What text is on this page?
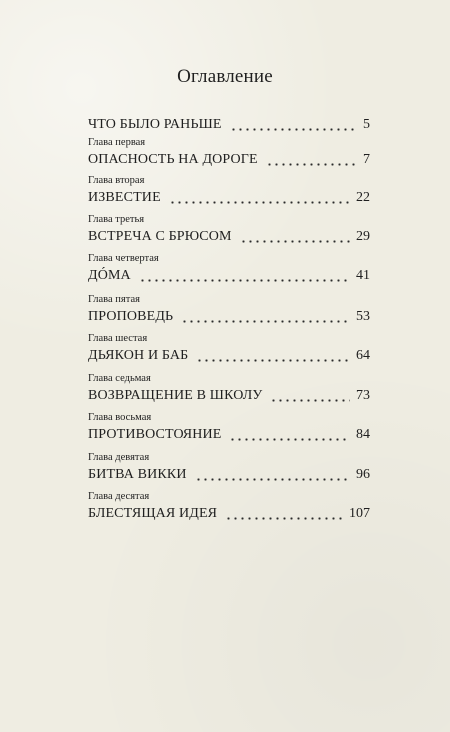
Оглавление
ЧТО БЫЛО РАНЬШЕ	5
Глава первая
ОПАСНОСТЬ НА ДОРОГЕ	7
Глава вторая
ИЗВЕСТИЕ	22
Глава третья
ВСТРЕЧА С БРЮСОМ	29
Глава четвертая
ДÓМА	41
Глава пятая
ПРОПОВЕДЬ	53
Глава шестая
ДЬЯКОН И БАБ	64
Глава седьмая
ВОЗВРАЩЕНИЕ В ШКОЛУ	73
Глава восьмая
ПРОТИВОСТОЯНИЕ	84
Глава девятая
БИТВА ВИККИ	96
Глава десятая
БЛЕСТЯЩАЯ ИДЕЯ	107
